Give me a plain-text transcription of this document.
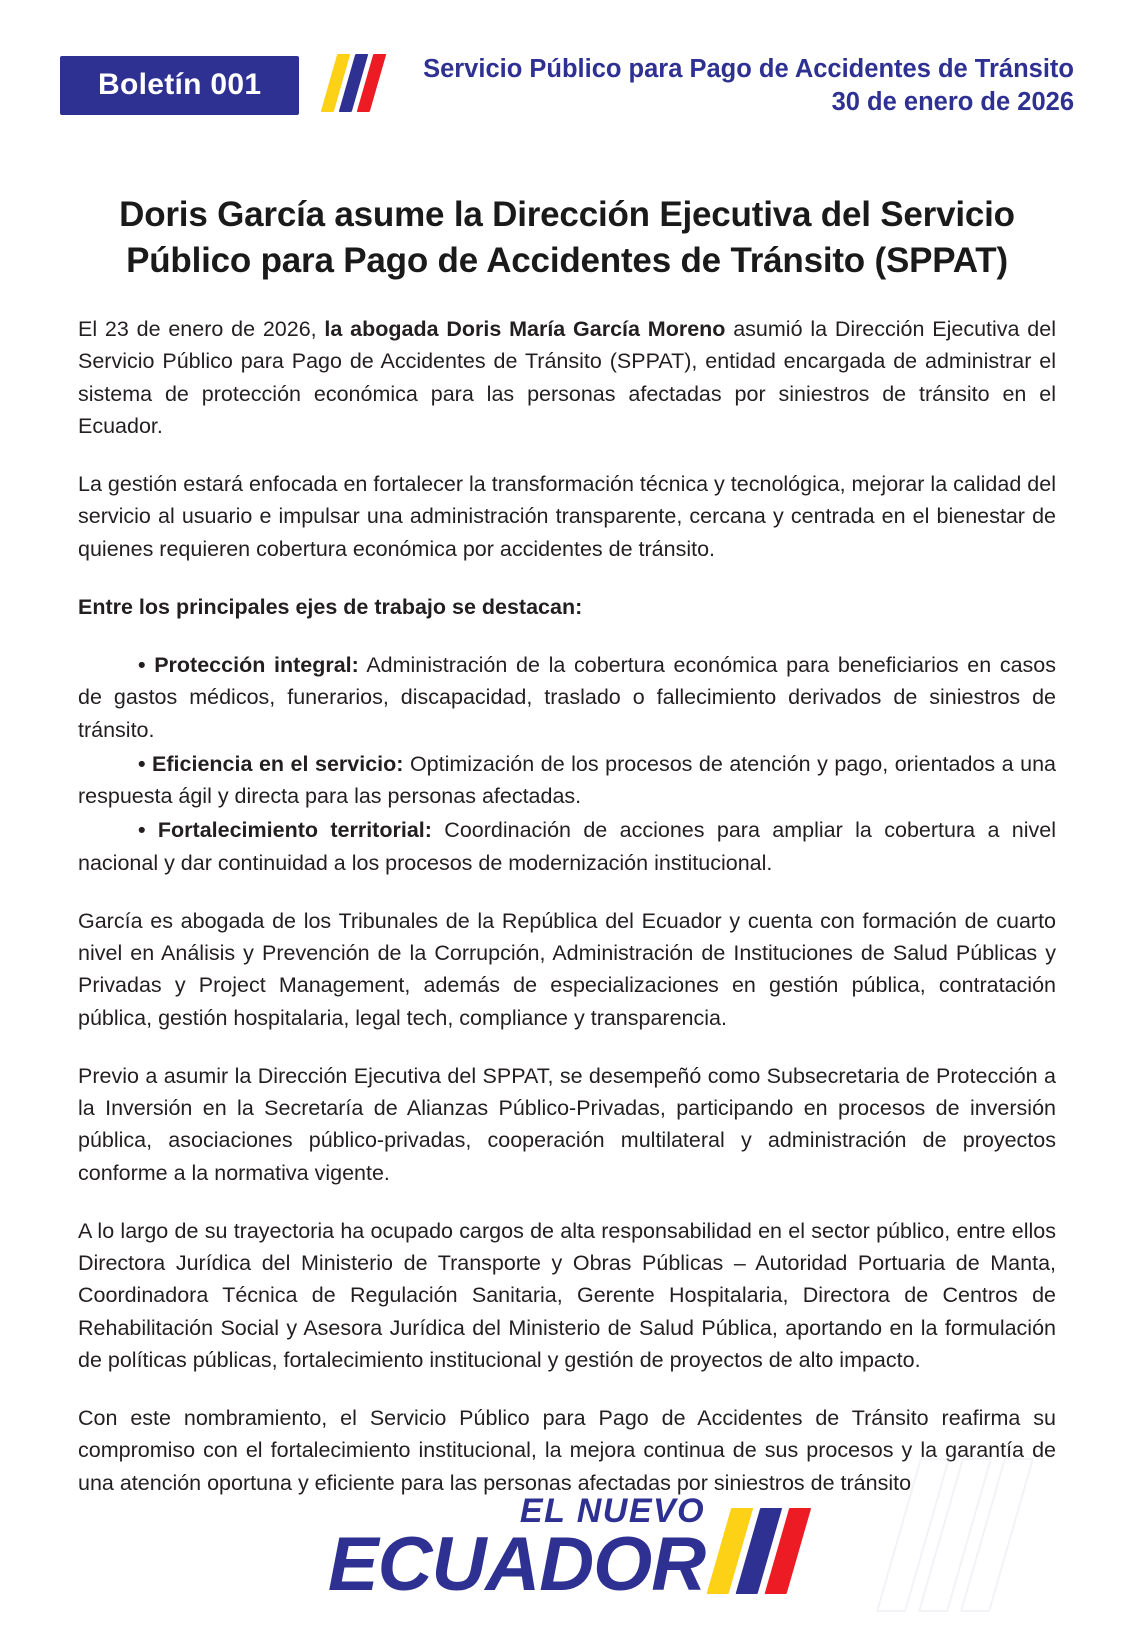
Boletín 001	Servicio Público para Pago de Accidentes de Tránsito
30 de enero de 2026
Doris García asume la Dirección Ejecutiva del Servicio Público para Pago de Accidentes de Tránsito (SPPAT)

El 23 de enero de 2026, la abogada Doris María García Moreno asumió la Dirección Ejecutiva del Servicio Público para Pago de Accidentes de Tránsito (SPPAT), entidad encargada de administrar el sistema de protección económica para las personas afectadas por siniestros de tránsito en el Ecuador.

La gestión estará enfocada en fortalecer la transformación técnica y tecnológica, mejorar la calidad del servicio al usuario e impulsar una administración transparente, cercana y centrada en el bienestar de quienes requieren cobertura económica por accidentes de tránsito.

Entre los principales ejes de trabajo se destacan:

• Protección integral: Administración de la cobertura económica para beneficiarios en casos de gastos médicos, funerarios, discapacidad, traslado o fallecimiento derivados de siniestros de tránsito.

• Eficiencia en el servicio: Optimización de los procesos de atención y pago, orientados a una respuesta ágil y directa para las personas afectadas.

• Fortalecimiento territorial: Coordinación de acciones para ampliar la cobertura a nivel nacional y dar continuidad a los procesos de modernización institucional.

García es abogada de los Tribunales de la República del Ecuador y cuenta con formación de cuarto nivel en Análisis y Prevención de la Corrupción, Administración de Instituciones de Salud Públicas y Privadas y Project Management, además de especializaciones en gestión pública, contratación pública, gestión hospitalaria, legal tech, compliance y transparencia.

Previo a asumir la Dirección Ejecutiva del SPPAT, se desempeñó como Subsecretaria de Protección a la Inversión en la Secretaría de Alianzas Público-Privadas, participando en procesos de inversión pública, asociaciones público-privadas, cooperación multilateral y administración de proyectos conforme a la normativa vigente.

A lo largo de su trayectoria ha ocupado cargos de alta responsabilidad en el sector público, entre ellos Directora Jurídica del Ministerio de Transporte y Obras Públicas – Autoridad Portuaria de Manta, Coordinadora Técnica de Regulación Sanitaria, Gerente Hospitalaria, Directora de Centros de Rehabilitación Social y Asesora Jurídica del Ministerio de Salud Pública, aportando en la formulación de políticas públicas, fortalecimiento institucional y gestión de proyectos de alto impacto.

Con este nombramiento, el Servicio Público para Pago de Accidentes de Tránsito reafirma su compromiso con el fortalecimiento institucional, la mejora continua de sus procesos y la garantía de una atención oportuna y eficiente para las personas afectadas por siniestros de tránsito

EL NUEVO
ECUADOR
